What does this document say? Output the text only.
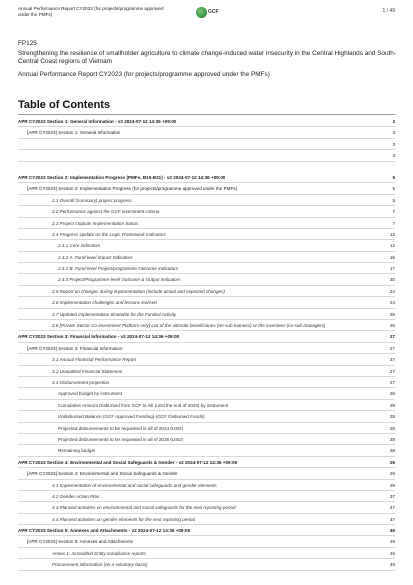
Annual Performance Report CY2023 (for projects/programme approved under the PMFs)	GCF	1 / 49
FP125
Strengthening the resilience of smallholder agriculture to climate change-induced water insecurity in the Central Highlands and South-Central Coast regions of Vietnam
Annual Performance Report CY2023 (for projects/programme approved under the PMFs)
Table of Contents
APR CY2023 Section 1: General Information - v2 2024-07-12 14:36 +09:00	3
[APR CY2023] Section 1: General Information	3
3
3
APR CY2023 Section 2: Implementation Progress (PMFs, B15-B31) - v2 2024-07-12 14:36 +09:00	5
[APR CY2023] Section 2: Implementation Progress (for projects/programme approved under the PMFs)	5
2.1 Overall (summary) project progress	5
2.2 Performance against the GCF investment criteria	7
2.3 Project Outputs Implementation Status	7
2.4 Progress Update on the Logic Framework Indicators	12
2.4.1 Core indicators	12
2.4.2 A. Fund-level Impact Indicators	15
2.4.2 B. Fund-level Project/programme Outcome Indicators	17
2.4.3 Project/Programme-level Outcome & Output Indicators	20
2.5 Report on changes during implementation (include actual and expected changes)	24
2.6 Implementation challenges and lessons learned	24
2.7 Updated implementation timetable for the Funded Activity	26
2.8 [Private Sector Co-investment Platform only] List of the ultimate beneficiaries (on-sub-loanees) or the investees (co-sub-managers)	26
APR CY2023 Section 3: Financial Information - v2 2024-07-12 14:36 +09:00	27
[APR CY2023] Section 3: Financial Information	27
3.1 Annual Financial Performance Report	27
3.2 Unaudited Financial Statement	27
3.3 Disbursement projection	27
Approved budget by instrument	28
Cumulative Amount Disbursed from GCF to AE (until the end of 2023) by instrument	28
Undisbursed Balance (GCF Approved Funding)-(GCF Disbursed Funds)	28
Projected disbursements to be requested in all of 2024 (USD)	28
Projected disbursements to be requested in all of 2025 (USD)	28
Remaining budget	28
APR CY2023 Section 4: Environmental and Social Safeguards & Gender - v2 2024-07-12 14:36 +09:00	29
[APR CY2023] Section 4: Environmental and Social Safeguards & Gender	29
4.1 Implementation of environmental and social safeguards and gender elements	29
4.2 Gender Action Plan	37
4.3 Planned activities on environmental and social safeguards for the next reporting period	47
4.4 Planned activities on gender elements for the next reporting period	47
APR CY2023 Section 5: Annexes and Attachments - v2 2024-07-12 14:36 +09:00	49
[APR CY2023] Section 5: Annexes and Attachments	49
Annex 1: Accredited Entity compliance reports	49
Procurement information (on a voluntary basis)	49
